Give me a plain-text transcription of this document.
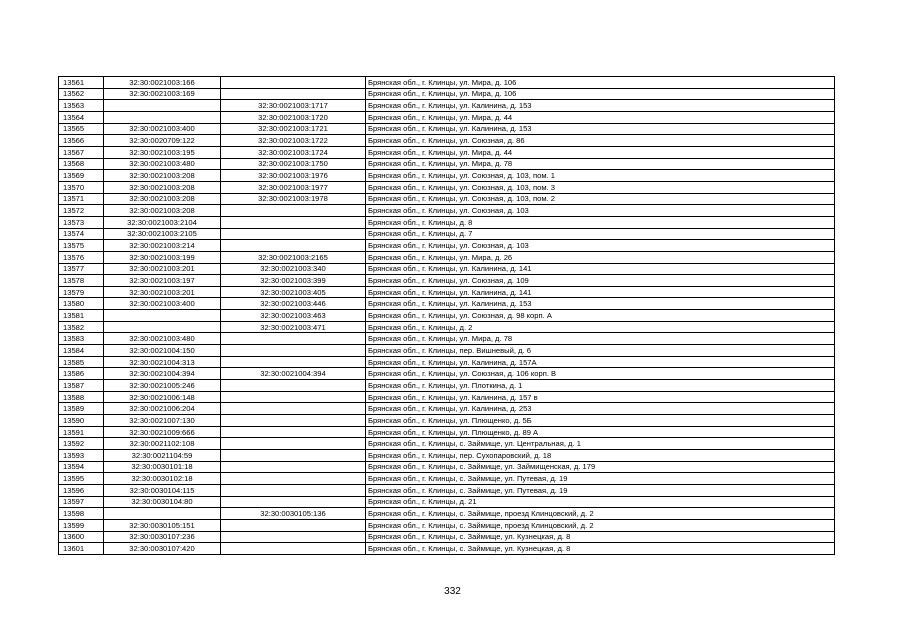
13561	32:30:0021003:166		Брянская обл., г. Клинцы, ул. Мира, д. 106
13562	32:30:0021003:169		Брянская обл., г. Клинцы, ул. Мира, д. 106
13563		32:30:0021003:1717	Брянская обл., г. Клинцы, ул. Калинина, д. 153
13564		32:30:0021003:1720	Брянская обл., г. Клинцы, ул. Мира, д. 44
13565	32:30:0021003:400	32:30:0021003:1721	Брянская обл., г. Клинцы, ул. Калинина, д. 153
13566	32:30:0020709:122	32:30:0021003:1722	Брянская обл., г. Клинцы, ул. Союзная, д. 86
13567	32:30:0021003:195	32:30:0021003:1724	Брянская обл., г. Клинцы, ул. Мира, д. 44
13568	32:30:0021003:480	32:30:0021003:1750	Брянская обл., г. Клинцы, ул. Мира, д. 78
13569	32:30:0021003:208	32:30:0021003:1976	Брянская обл., г. Клинцы, ул. Союзная, д. 103, пом. 1
13570	32:30:0021003:208	32:30:0021003:1977	Брянская обл., г. Клинцы, ул. Союзная, д. 103, пом. 3
13571	32:30:0021003:208	32:30:0021003:1978	Брянская обл., г. Клинцы, ул. Союзная, д. 103, пом. 2
13572	32:30:0021003:208		Брянская обл., г. Клинцы, ул. Союзная, д. 103
13573	32:30:0021003:2104		Брянская обл., г. Клинцы, д. 8
13574	32:30:0021003:2105		Брянская обл., г. Клинцы, д. 7
13575	32:30:0021003:214		Брянская обл., г. Клинцы, ул. Союзная, д. 103
13576	32:30:0021003:199	32:30:0021003:2165	Брянская обл., г. Клинцы, ул. Мира, д. 26
13577	32:30:0021003:201	32:30:0021003:340	Брянская обл., г. Клинцы, ул. Калинина, д. 141
13578	32:30:0021003:197	32:30:0021003:399	Брянская обл., г. Клинцы, ул. Союзная, д. 109
13579	32:30:0021003:201	32:30:0021003:405	Брянская обл., г. Клинцы, ул. Калинина, д. 141
13580	32:30:0021003:400	32:30:0021003:446	Брянская обл., г. Клинцы, ул. Калинина, д. 153
13581		32:30:0021003:463	Брянская обл., г. Клинцы, ул. Союзная, д. 98 корп. А
13582		32:30:0021003:471	Брянская обл., г. Клинцы, д. 2
13583	32:30:0021003:480		Брянская обл., г. Клинцы, ул. Мира, д. 78
13584	32:30:0021004:150		Брянская обл., г. Клинцы, пер. Вишневый, д. 6
13585	32:30:0021004:313		Брянская обл., г. Клинцы, ул. Калинина, д. 157А
13586	32:30:0021004:394	32:30:0021004:394	Брянская обл., г. Клинцы, ул. Союзная, д. 106 корп. В
13587	32:30:0021005:246		Брянская обл., г. Клинцы, ул. Плоткина, д. 1
13588	32:30:0021006:148		Брянская обл., г. Клинцы, ул. Калинина, д. 157 в
13589	32:30:0021006:204		Брянская обл., г. Клинцы, ул. Калинина, д. 253
13590	32:30:0021007:130		Брянская обл., г. Клинцы, ул. Плющенко, д. 5Б
13591	32:30:0021009:666		Брянская обл., г. Клинцы, ул. Плющенко, д. 89 А
13592	32:30:0021102:108		Брянская обл., г. Клинцы, с. Займище, ул. Центральная, д. 1
13593	32:30:0021104:59		Брянская обл., г. Клинцы, пер. Сухопаровский, д. 18
13594	32:30:0030101:18		Брянская обл., г. Клинцы, с. Займище, ул. Займищенская, д. 179
13595	32:30:0030102:18		Брянская обл., г. Клинцы, с. Займище, ул. Путевая, д. 19
13596	32:30:0030104:115		Брянская обл., г. Клинцы, с. Займище, ул. Путевая, д. 19
13597	32:30:0030104:80		Брянская обл., г. Клинцы, д. 21
13598		32:30:0030105:136	Брянская обл., г. Клинцы, с. Займище, проезд Клинцовский, д. 2
13599	32:30:0030105:151		Брянская обл., г. Клинцы, с. Займище, проезд Клинцовский, д. 2
13600	32:30:0030107:236		Брянская обл., г. Клинцы, с. Займище, ул. Кузнецкая, д. 8
13601	32:30:0030107:420		Брянская обл., г. Клинцы, с. Займище, ул. Кузнецкая, д. 8
332
